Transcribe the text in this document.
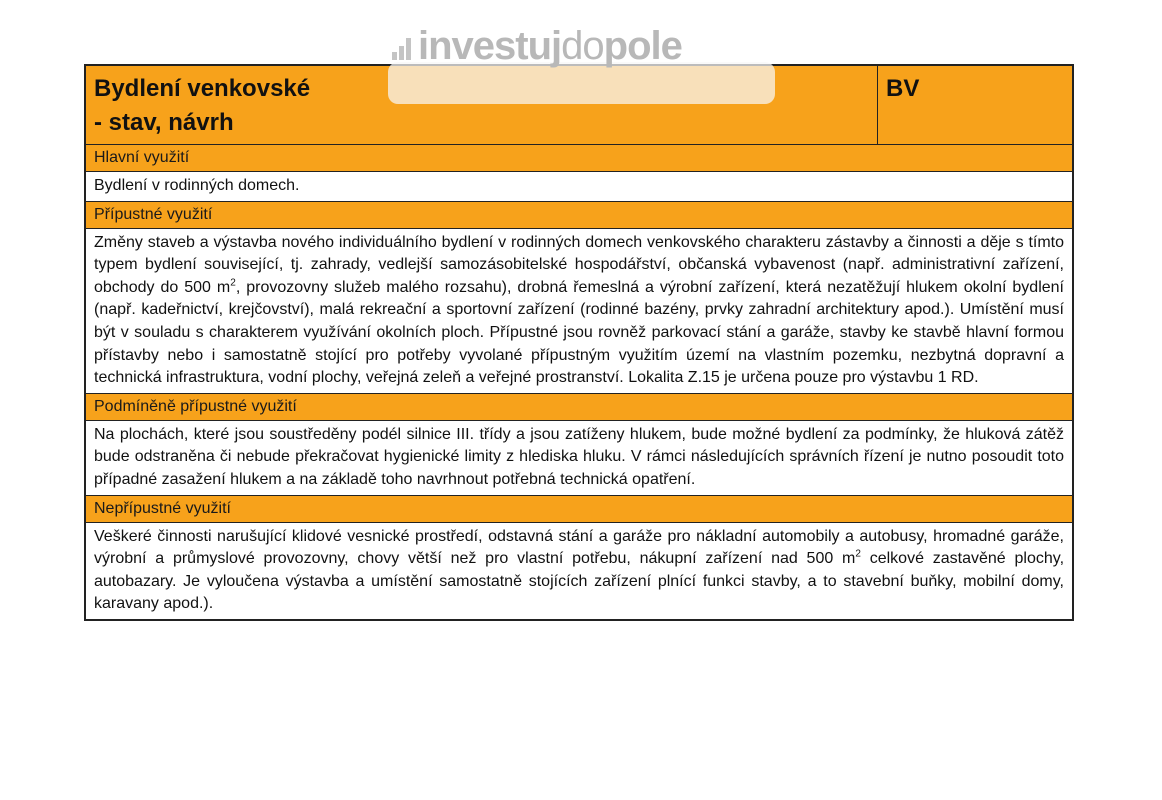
Bydlení venkovské
- stav, návrh
BV
Hlavní využití
Bydlení v rodinných domech.
Přípustné využití
Změny staveb a výstavba nového individuálního bydlení v rodinných domech venkovského charakteru zástavby a činnosti a děje s tímto typem bydlení související, tj. zahrady, vedlejší samozásobitelské hospodářství, občanská vybavenost (např. administrativní zařízení, obchody do 500 $m^2$, provozovny služeb malého rozsahu), drobná řemeslná a výrobní zařízení, která nezatěžují hlukem okolní bydlení (např. kadeřnictví, krejčovství), malá rekreační a sportovní zařízení (rodinné bazény, prvky zahradní architektury apod.). Umístění musí být v souladu s charakterem využívání okolních ploch. Přípustné jsou rovněž parkovací stání a garáže, stavby ke stavbě hlavní formou přístavby nebo i samostatně stojící pro potřeby vyvolané přípustným využitím území na vlastním pozemku, nezbytná dopravní a technická infrastruktura, vodní plochy, veřejná zeleň a veřejné prostranství. Lokalita Z.15 je určena pouze pro výstavbu 1 RD.
Podmíněně přípustné využití
Na plochách, které jsou soustředěny podél silnice III. třídy a jsou zatíženy hlukem, bude možné bydlení za podmínky, že hluková zátěž bude odstraněna či nebude překračovat hygienické limity z hlediska hluku. V rámci následujících správních řízení je nutno posoudit toto případné zasažení hlukem a na základě toho navrhnout potřebná technická opatření.
Nepřípustné využití
Veškeré činnosti narušující klidové vesnické prostředí, odstavná stání a garáže pro nákladní automobily a autobusy, hromadné garáže, výrobní a průmyslové provozovny, chovy větší než pro vlastní potřebu, nákupní zařízení nad 500 $m^2$ celkové zastavěné plochy, autobazary. Je vyloučena výstavba a umístění samostatně stojících zařízení plnící funkci stavby, a to stavební buňky, mobilní domy, karavany apod.).
investujdopole
